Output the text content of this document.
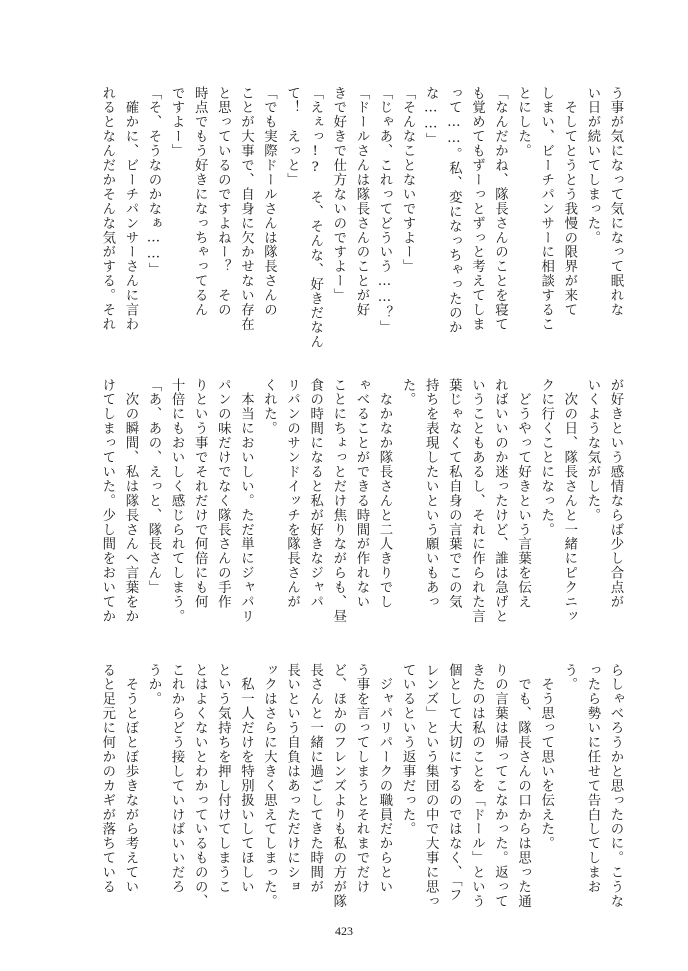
う事が気になって気になって眠れな
い日が続いてしまった。
　そしてとうとう我慢の限界が来て
しまい、ビーチパンサーに相談するこ
とにした。
「なんだかね、隊長さんのことを寝て
も覚めてもずーっとずっと考えてしま
って……。私、変になっちゃったのか
な……」
「そんなことないですよー」
「じゃあ、これってどういう……？」
「ドールさんは隊長さんのことが好
きで好きで仕方ないのですよー」
「えぇっ!?　そ、そんな、好きだなん
て！　えっと」
「でも実際ドールさんは隊長さんの
ことが大事で、自身に欠かせない存在
と思っているのですよねー？　その
時点でもう好きになっちゃってるん
ですよー」
「そ、そうなのかなぁ……」
　確かに、ビーチパンサーさんに言わ
れるとなんだかそんな気がする。それ
が好きという感情ならば少し合点が
いくような気がした。
　次の日、隊長さんと一緒にピクニッ
クに行くことになった。
　どうやって好きという言葉を伝え
ればいいのか迷ったけど、誰は急げと
いうこともあるし、それに作られた言
葉じゃなくて私自身の言葉でこの気
持ちを表現したいという願いもあっ
た。
　なかなか隊長さんと二人きりでし
ゃべることができる時間が作れない
ことにちょっとだけ焦りながらも、昼
食の時間になると私が好きなジャパ
リパンのサンドイッチを隊長さんが
くれた。
　本当においしい。ただ単にジャパリ
パンの味だけでなく隊長さんの手作
りという事でそれだけで何倍にも何
十倍にもおいしく感じられてしまう。
「あ、あの、えっと、隊長さん」
　次の瞬間、私は隊長さんへ言葉をか
けてしまっていた。少し間をおいてか
らしゃべろうかと思ったのに。こうな
ったら勢いに任せて告白してしまお
う。
　そう思って思いを伝えた。
　でも、隊長さんの口からは思った通
りの言葉は帰ってこなかった。返って
きたのは私のことを「ドール」という
個として大切にするのではなく、「フ
レンズ」という集団の中で大事に思っ
ているという返事だった。
　ジャパリパークの職員だからとい
う事を言ってしまうとそれまでだけ
ど、ほかのフレンズよりも私の方が隊
長さんと一緒に過ごしてきた時間が
長いという自負はあっただけにショ
ックはさらに大きく思えてしまった。
　私一人だけを特別扱いしてほしい
という気持ちを押し付けてしまうこ
とはよくないとわかっているものの、
これからどう接していけばいいだろ
うか。
　そうとぼとぼ歩きながら考えてい
ると足元に何かのカギが落ちている
423
